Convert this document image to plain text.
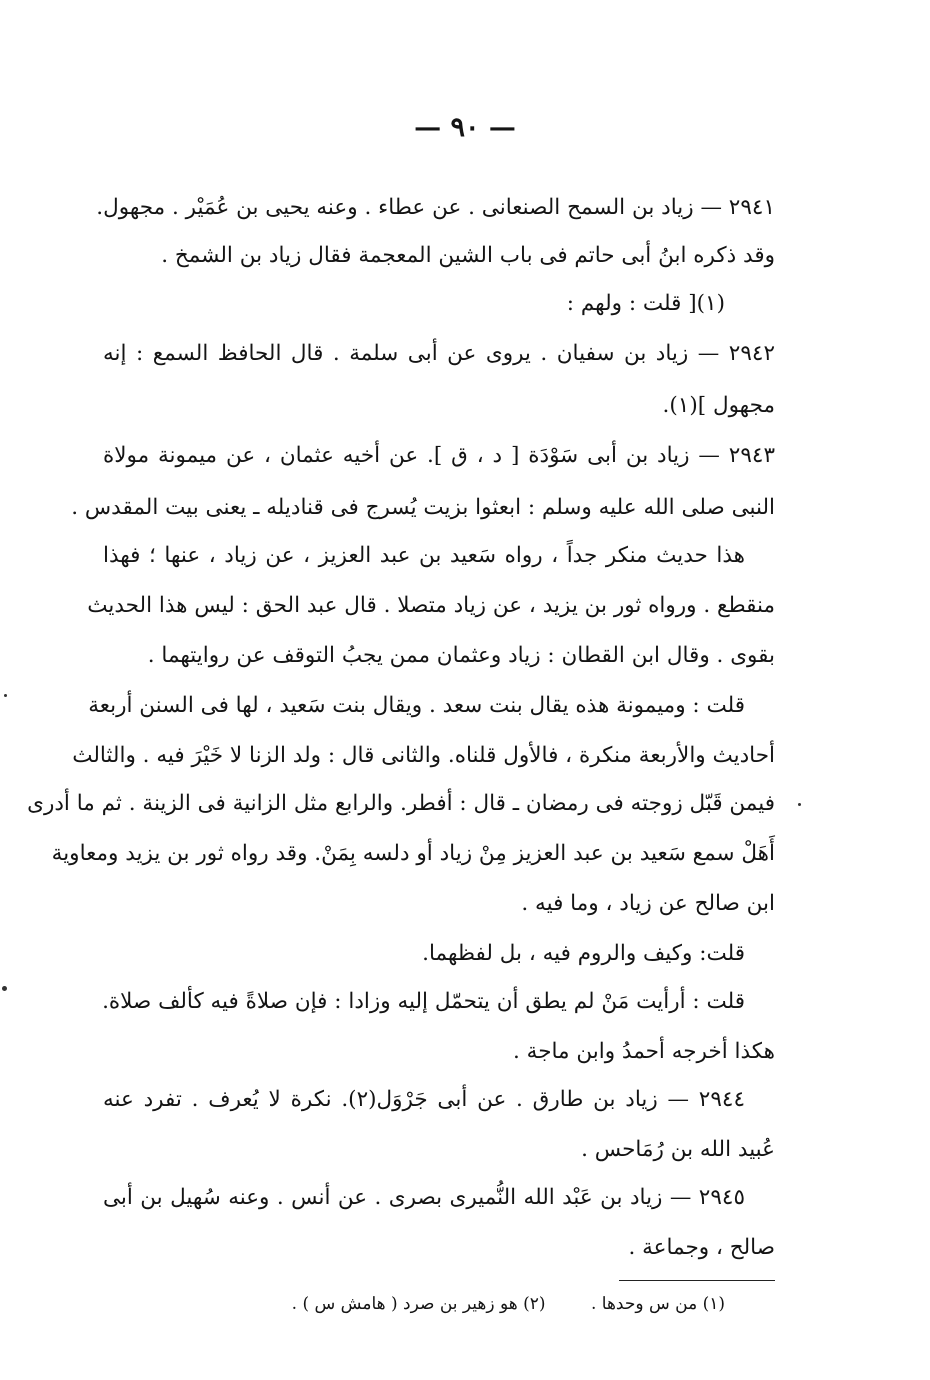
— ٩٠ —
٢٩٤١ — زياد بن السمح الصنعانى . عن عطاء . وعنه يحيى بن عُمَيْر . مجهول.
وقد ذكره ابنُ أبى حاتم فى باب الشين المعجمة فقال زياد بن الشمخ .
(١)[ قلت : ولهم :
٢٩٤٢ — زياد بن سفيان . يروى عن أبى سلمة . قال الحافظ السمع : إنه
مجهول ](١).
٢٩٤٣ — زياد بن أبى سَوْدَة [ د ، ق ]. عن أخيه عثمان ، عن ميمونة مولاة
النبى صلى الله عليه وسلم : ابعثوا بزيت يُسرج فى قناديله ـ يعنى بيت المقدس .
هذا حديث منكر جداً ، رواه سَعيد بن عبد العزيز ، عن زياد ، عنها ؛ فهذا
منقطع . ورواه ثور بن يزيد ، عن زياد متصلا . قال عبد الحق : ليس هذا الحديث
بقوى . وقال ابن القطان : زياد وعثمان ممن يجبُ التوقف عن روايتهما .
قلت : وميمونة هذه يقال بنت سعد . ويقال بنت سَعيد ، لها فى السنن أربعة
أحاديث والأربعة منكرة ، فالأول قلناه. والثانى قال : ولد الزنا لا خَيْرَ فيه . والثالث
فيمن قَبّل زوجته فى رمضان ـ قال : أفطر. والرابع مثل الزانية فى الزينة . ثم ما أدرى
أَهَلْ سمع سَعيد بن عبد العزيز مِنْ زياد أو دلسه بِمَنْ. وقد رواه ثور بن يزيد ومعاوية
ابن صالح عن زياد ، وما فيه .
قلت: وكيف والروم فيه ، بل لفظهما.
قلت : أرأيت مَنْ لم يطق أن يتحمّل إليه وزادا : فإن صلاةً فيه كألف صلاة.
هكذا أخرجه أحمدُ وابن ماجة .
٢٩٤٤ — زياد بن طارق . عن أبى جَرْوَل(٢). نكرة لا يُعرف . تفرد عنه
عُبيد الله بن رُمَاحس .
٢٩٤٥ — زياد بن عَبْد الله النُّميرى بصرى . عن أنس . وعنه سُهيل بن أبى
صالح ، وجماعة .
(١) من س وحدها . (٢) هو زهير بن صرد ( هامش س ) .
